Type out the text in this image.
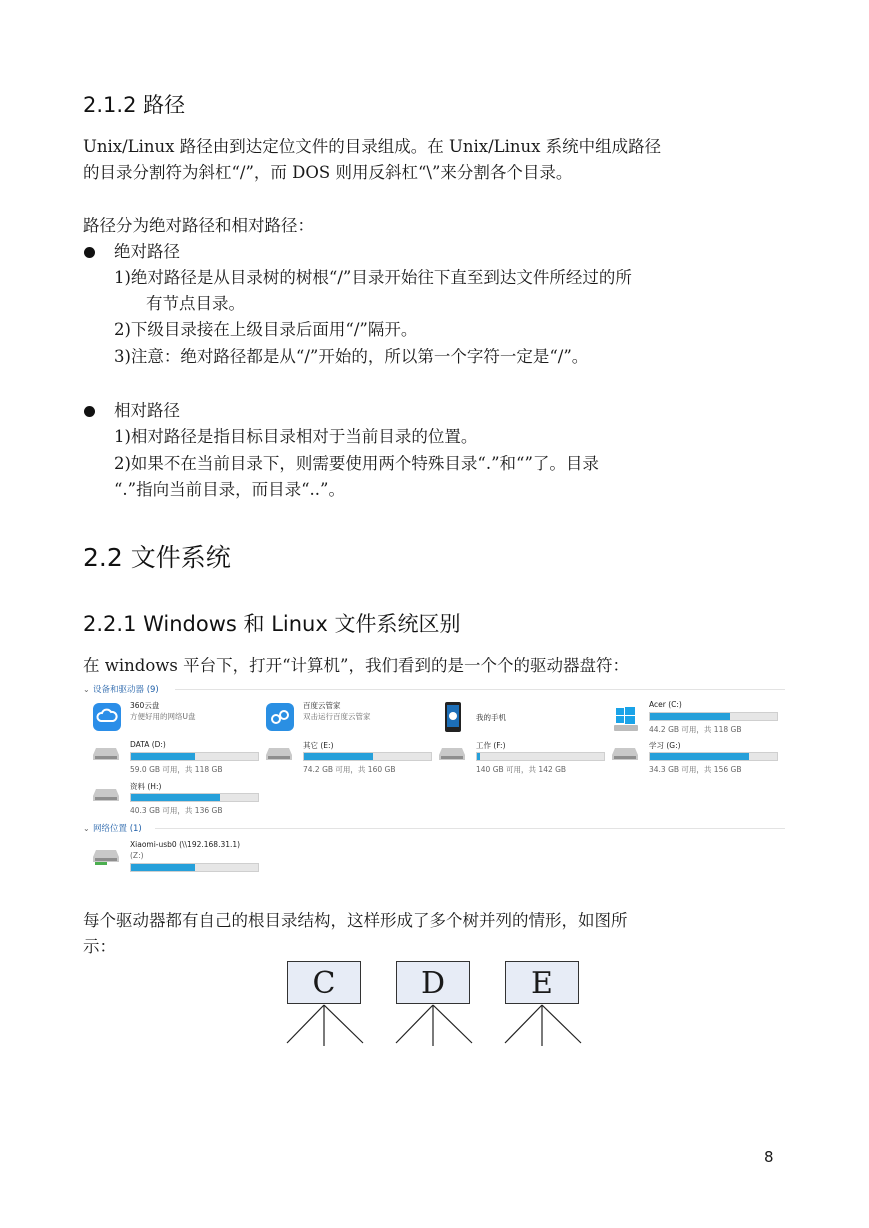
2.1.2 路径
Unix/Linux 路径由到达定位文件的目录组成。在 Unix/Linux 系统中组成路径
的目录分割符为斜杠“/”，而 DOS 则用反斜杠“\”来分割各个目录。
路径分为绝对路径和相对路径：
绝对路径
1)绝对路径是从目录树的树根“/”目录开始往下直至到达文件所经过的所
有节点目录。
2)下级目录接在上级目录后面用“/”隔开。
3)注意：绝对路径都是从“/”开始的，所以第一个字符一定是“/”。
相对路径
1)相对路径是指目标目录相对于当前目录的位置。
2)如果不在当前目录下，则需要使用两个特殊目录“.”和“”了。目录
“.”指向当前目录，而目录“..”。
2.2 文件系统
2.2.1 Windows 和 Linux 文件系统区别
在 windows 平台下，打开“计算机”，我们看到的是一个个的驱动器盘符：
⌄ 设备和驱动器 (9)
360云盘
方便好用的网络U盘
百度云管家
双击运行百度云管家	我的手机
Acer (C:)
44.2 GB 可用，共 118 GB
DATA (D:)
59.0 GB 可用，共 118 GB
其它 (E:)
74.2 GB 可用，共 160 GB
工作 (F:)
140 GB 可用，共 142 GB
学习 (G:)
34.3 GB 可用，共 156 GB
资料 (H:)
40.3 GB 可用，共 136 GB
⌄ 网络位置 (1)
Xiaomi-usb0 (\\192.168.31.1)
(Z:)
每个驱动器都有自己的根目录结构，这样形成了多个树并列的情形，如图所
示：
C	D	E
8
